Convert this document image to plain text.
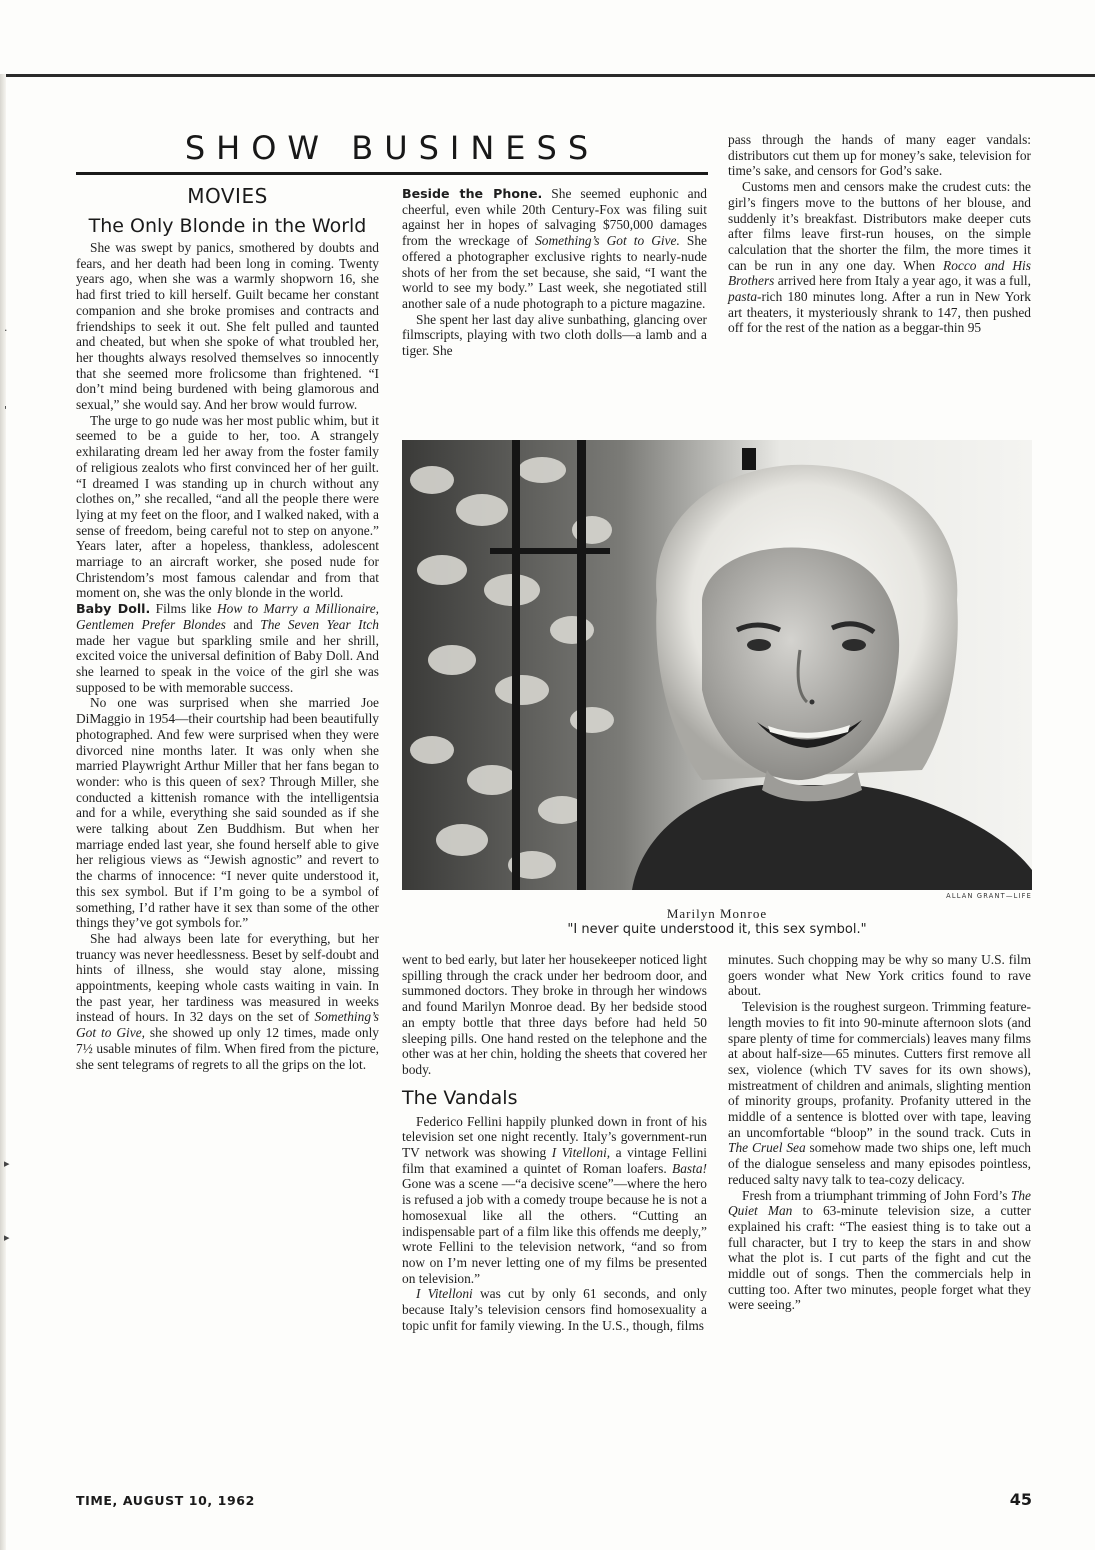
.
'
▸
▸
SHOW BUSINESS
MOVIES
The Only Blonde in the World

She was swept by panics, smothered by doubts and fears, and her death had been long in coming. Twenty years ago, when she was a warmly shopworn 16, she had first tried to kill herself. Guilt became her constant companion and she broke promises and contracts and friendships to seek it out. She felt pulled and taunted and cheated, but when she spoke of what troubled her, her thoughts always resolved themselves so innocently that she seemed more frolicsome than frightened. “I don’t mind being burdened with being glamorous and sexual,” she would say. And her brow would furrow.

The urge to go nude was her most public whim, but it seemed to be a guide to her, too. A strangely exhilarating dream led her away from the foster family of religious zealots who first convinced her of her guilt. “I dreamed I was standing up in church without any clothes on,” she recalled, “and all the people there were lying at my feet on the floor, and I walked naked, with a sense of freedom, being careful not to step on anyone.” Years later, after a hopeless, thankless, adolescent marriage to an aircraft worker, she posed nude for Christendom’s most famous calendar and from that moment on, she was the only blonde in the world.

Baby Doll. Films like How to Marry a Millionaire, Gentlemen Prefer Blondes and The Seven Year Itch made her vague but sparkling smile and her shrill, excited voice the universal definition of Baby Doll. And she learned to speak in the voice of the girl she was supposed to be with memorable success.

No one was surprised when she married Joe DiMaggio in 1954—their courtship had been beautifully photographed. And few were surprised when they were divorced nine months later. It was only when she married Playwright Arthur Miller that her fans began to wonder: who is this queen of sex? Through Miller, she conducted a kittenish romance with the intelligentsia and for a while, everything she said sounded as if she were talking about Zen Buddhism. But when her marriage ended last year, she found herself able to give her religious views as “Jewish agnostic” and revert to the charms of innocence: “I never quite understood it, this sex symbol. But if I’m going to be a symbol of something, I’d rather have it sex than some of the other things they’ve got symbols for.”

She had always been late for everything, but her truancy was never heedlessness. Beset by self-doubt and hints of illness, she would stay alone, missing appointments, keeping whole casts waiting in vain. In the past year, her tardiness was measured in weeks instead of hours. In 32 days on the set of Something’s Got to Give, she showed up only 12 times, made only 7½ usable minutes of film. When fired from the picture, she sent telegrams of regrets to all the grips on the lot.

Beside the Phone. She seemed euphonic and cheerful, even while 20th Century-Fox was filing suit against her in hopes of salvaging $750,000 damages from the wreckage of Something’s Got to Give. She offered a photographer exclusive rights to nearly-nude shots of her from the set because, she said, “I want the world to see my body.” Last week, she negotiated still another sale of a nude photograph to a picture magazine.

She spent her last day alive sunbathing, glancing over filmscripts, playing with two cloth dolls—a lamb and a tiger. She

pass through the hands of many eager vandals: distributors cut them up for money’s sake, television for time’s sake, and censors for God’s sake.

Customs men and censors make the crudest cuts: the girl’s fingers move to the buttons of her blouse, and suddenly it’s breakfast. Distributors make deeper cuts after films leave first-run houses, on the simple calculation that the shorter the film, the more times it can be run in any one day. When Rocco and His Brothers arrived here from Italy a year ago, it was a full, pasta-rich 180 minutes long. After a run in New York art theaters, it mysteriously shrank to 147, then pushed off for the rest of the nation as a beggar-thin 95

ALLAN GRANT—LIFE
Marilyn Monroe
"I never quite understood it, this sex symbol."

went to bed early, but later her housekeeper noticed light spilling through the crack under her bedroom door, and summoned doctors. They broke in through her windows and found Marilyn Monroe dead. By her bedside stood an empty bottle that three days before had held 50 sleeping pills. One hand rested on the telephone and the other was at her chin, holding the sheets that covered her body.

The Vandals

Federico Fellini happily plunked down in front of his television set one night recently. Italy’s government-run TV network was showing I Vitelloni, a vintage Fellini film that examined a quintet of Roman loafers. Basta! Gone was a scene —“a decisive scene”—where the hero is refused a job with a comedy troupe because he is not a homosexual like all the others. “Cutting an indispensable part of a film like this offends me deeply,” wrote Fellini to the television network, “and so from now on I’m never letting one of my films be presented on television.”

I Vitelloni was cut by only 61 seconds, and only because Italy’s television censors find homosexuality a topic unfit for family viewing. In the U.S., though, films

minutes. Such chopping may be why so many U.S. film goers wonder what New York critics found to rave about.

Television is the roughest surgeon. Trimming feature-length movies to fit into 90-minute afternoon slots (and spare plenty of time for commercials) leaves many films at about half-size—65 minutes. Cutters first remove all sex, violence (which TV saves for its own shows), mistreatment of children and animals, slighting mention of minority groups, profanity. Profanity uttered in the middle of a sentence is blotted over with tape, leaving an uncomfortable “bloop” in the sound track. Cuts in The Cruel Sea somehow made two ships one, left much of the dialogue senseless and many episodes pointless, reduced salty navy talk to tea-cozy delicacy.

Fresh from a triumphant trimming of John Ford’s The Quiet Man to 63-minute television size, a cutter explained his craft: “The easiest thing is to take out a full character, but I try to keep the stars in and show what the plot is. I cut parts of the fight and cut the middle out of songs. Then the commercials help in cutting too. After two minutes, people forget what they were seeing.”

TIME, AUGUST 10, 1962	45
